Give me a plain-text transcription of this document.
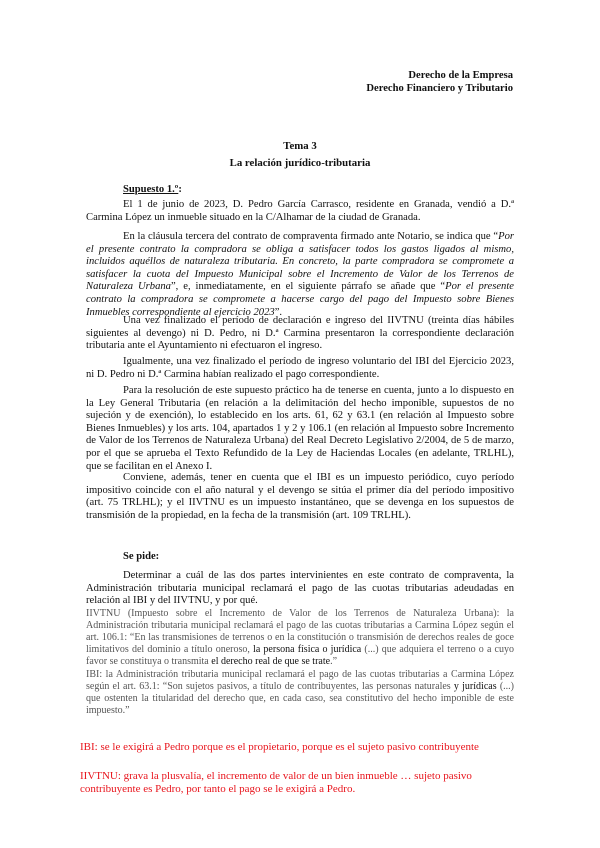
Derecho de la Empresa
Derecho Financiero y Tributario
Tema 3
La relación jurídico-tributaria
Supuesto 1.º:
El 1 de junio de 2023, D. Pedro García Carrasco, residente en Granada, vendió a D.ª Carmina López un inmueble situado en la C/Alhamar de la ciudad de Granada.
En la cláusula tercera del contrato de compraventa firmado ante Notario, se indica que “Por el presente contrato la compradora se obliga a satisfacer todos los gastos ligados al mismo, incluidos aquéllos de naturaleza tributaria. En concreto, la parte compradora se compromete a satisfacer la cuota del Impuesto Municipal sobre el Incremento de Valor de los Terrenos de Naturaleza Urbana”, e, inmediatamente, en el siguiente párrafo se añade que “Por el presente contrato la compradora se compromete a hacerse cargo del pago del Impuesto sobre Bienes Inmuebles correspondiente al ejercicio 2023”.
Una vez finalizado el período de declaración e ingreso del IIVTNU (treinta días hábiles siguientes al devengo) ni D. Pedro, ni D.ª Carmina presentaron la correspondiente declaración tributaria ante el Ayuntamiento ni efectuaron el ingreso.
Igualmente, una vez finalizado el período de ingreso voluntario del IBI del Ejercicio 2023, ni D. Pedro ni D.ª Carmina habían realizado el pago correspondiente.
Para la resolución de este supuesto práctico ha de tenerse en cuenta, junto a lo dispuesto en la Ley General Tributaria (en relación a la delimitación del hecho imponible, supuestos de no sujeción y de exención), lo establecido en los arts. 61, 62 y 63.1 (en relación al Impuesto sobre Bienes Inmuebles) y los arts. 104, apartados 1 y 2 y 106.1 (en relación al Impuesto sobre Incremento de Valor de los Terrenos de Naturaleza Urbana) del Real Decreto Legislativo 2/2004, de 5 de marzo, por el que se aprueba el Texto Refundido de la Ley de Haciendas Locales (en adelante, TRLHL), que se facilitan en el Anexo I.
Conviene, además, tener en cuenta que el IBI es un impuesto periódico, cuyo período impositivo coincide con el año natural y el devengo se sitúa el primer día del período impositivo (art. 75 TRLHL); y el IIVTNU es un impuesto instantáneo, que se devenga en los supuestos de transmisión de la propiedad, en la fecha de la transmisión (art. 109 TRLHL).
Se pide:
Determinar a cuál de las dos partes intervinientes en este contrato de compraventa, la Administración tributaria municipal reclamará el pago de las cuotas tributarias adeudadas en relación al IBI y del IIVTNU, y por qué.
IIVTNU (Impuesto sobre el Incremento de Valor de los Terrenos de Naturaleza Urbana): la Administración tributaria municipal reclamará el pago de las cuotas tributarias a Carmina López según el art. 106.1: “En las transmisiones de terrenos o en la constitución o transmisión de derechos reales de goce limitativos del dominio a título oneroso, la persona física o jurídica (...) que adquiera el terreno o a cuyo favor se constituya o transmita el derecho real de que se trate.”
IBI: la Administración tributaria municipal reclamará el pago de las cuotas tributarias a Carmina López según el art. 63.1: “Son sujetos pasivos, a título de contribuyentes, las personas naturales y jurídicas (...) que ostenten la titularidad del derecho que, en cada caso, sea constitutivo del hecho imponible de este impuesto.”
IBI: se le exigirá a Pedro porque es el propietario, porque es el sujeto pasivo contribuyente
IIVTNU: grava la plusvalía, el incremento de valor de un bien inmueble … sujeto pasivo contribuyente es Pedro, por tanto el pago se le exigirá a Pedro.
